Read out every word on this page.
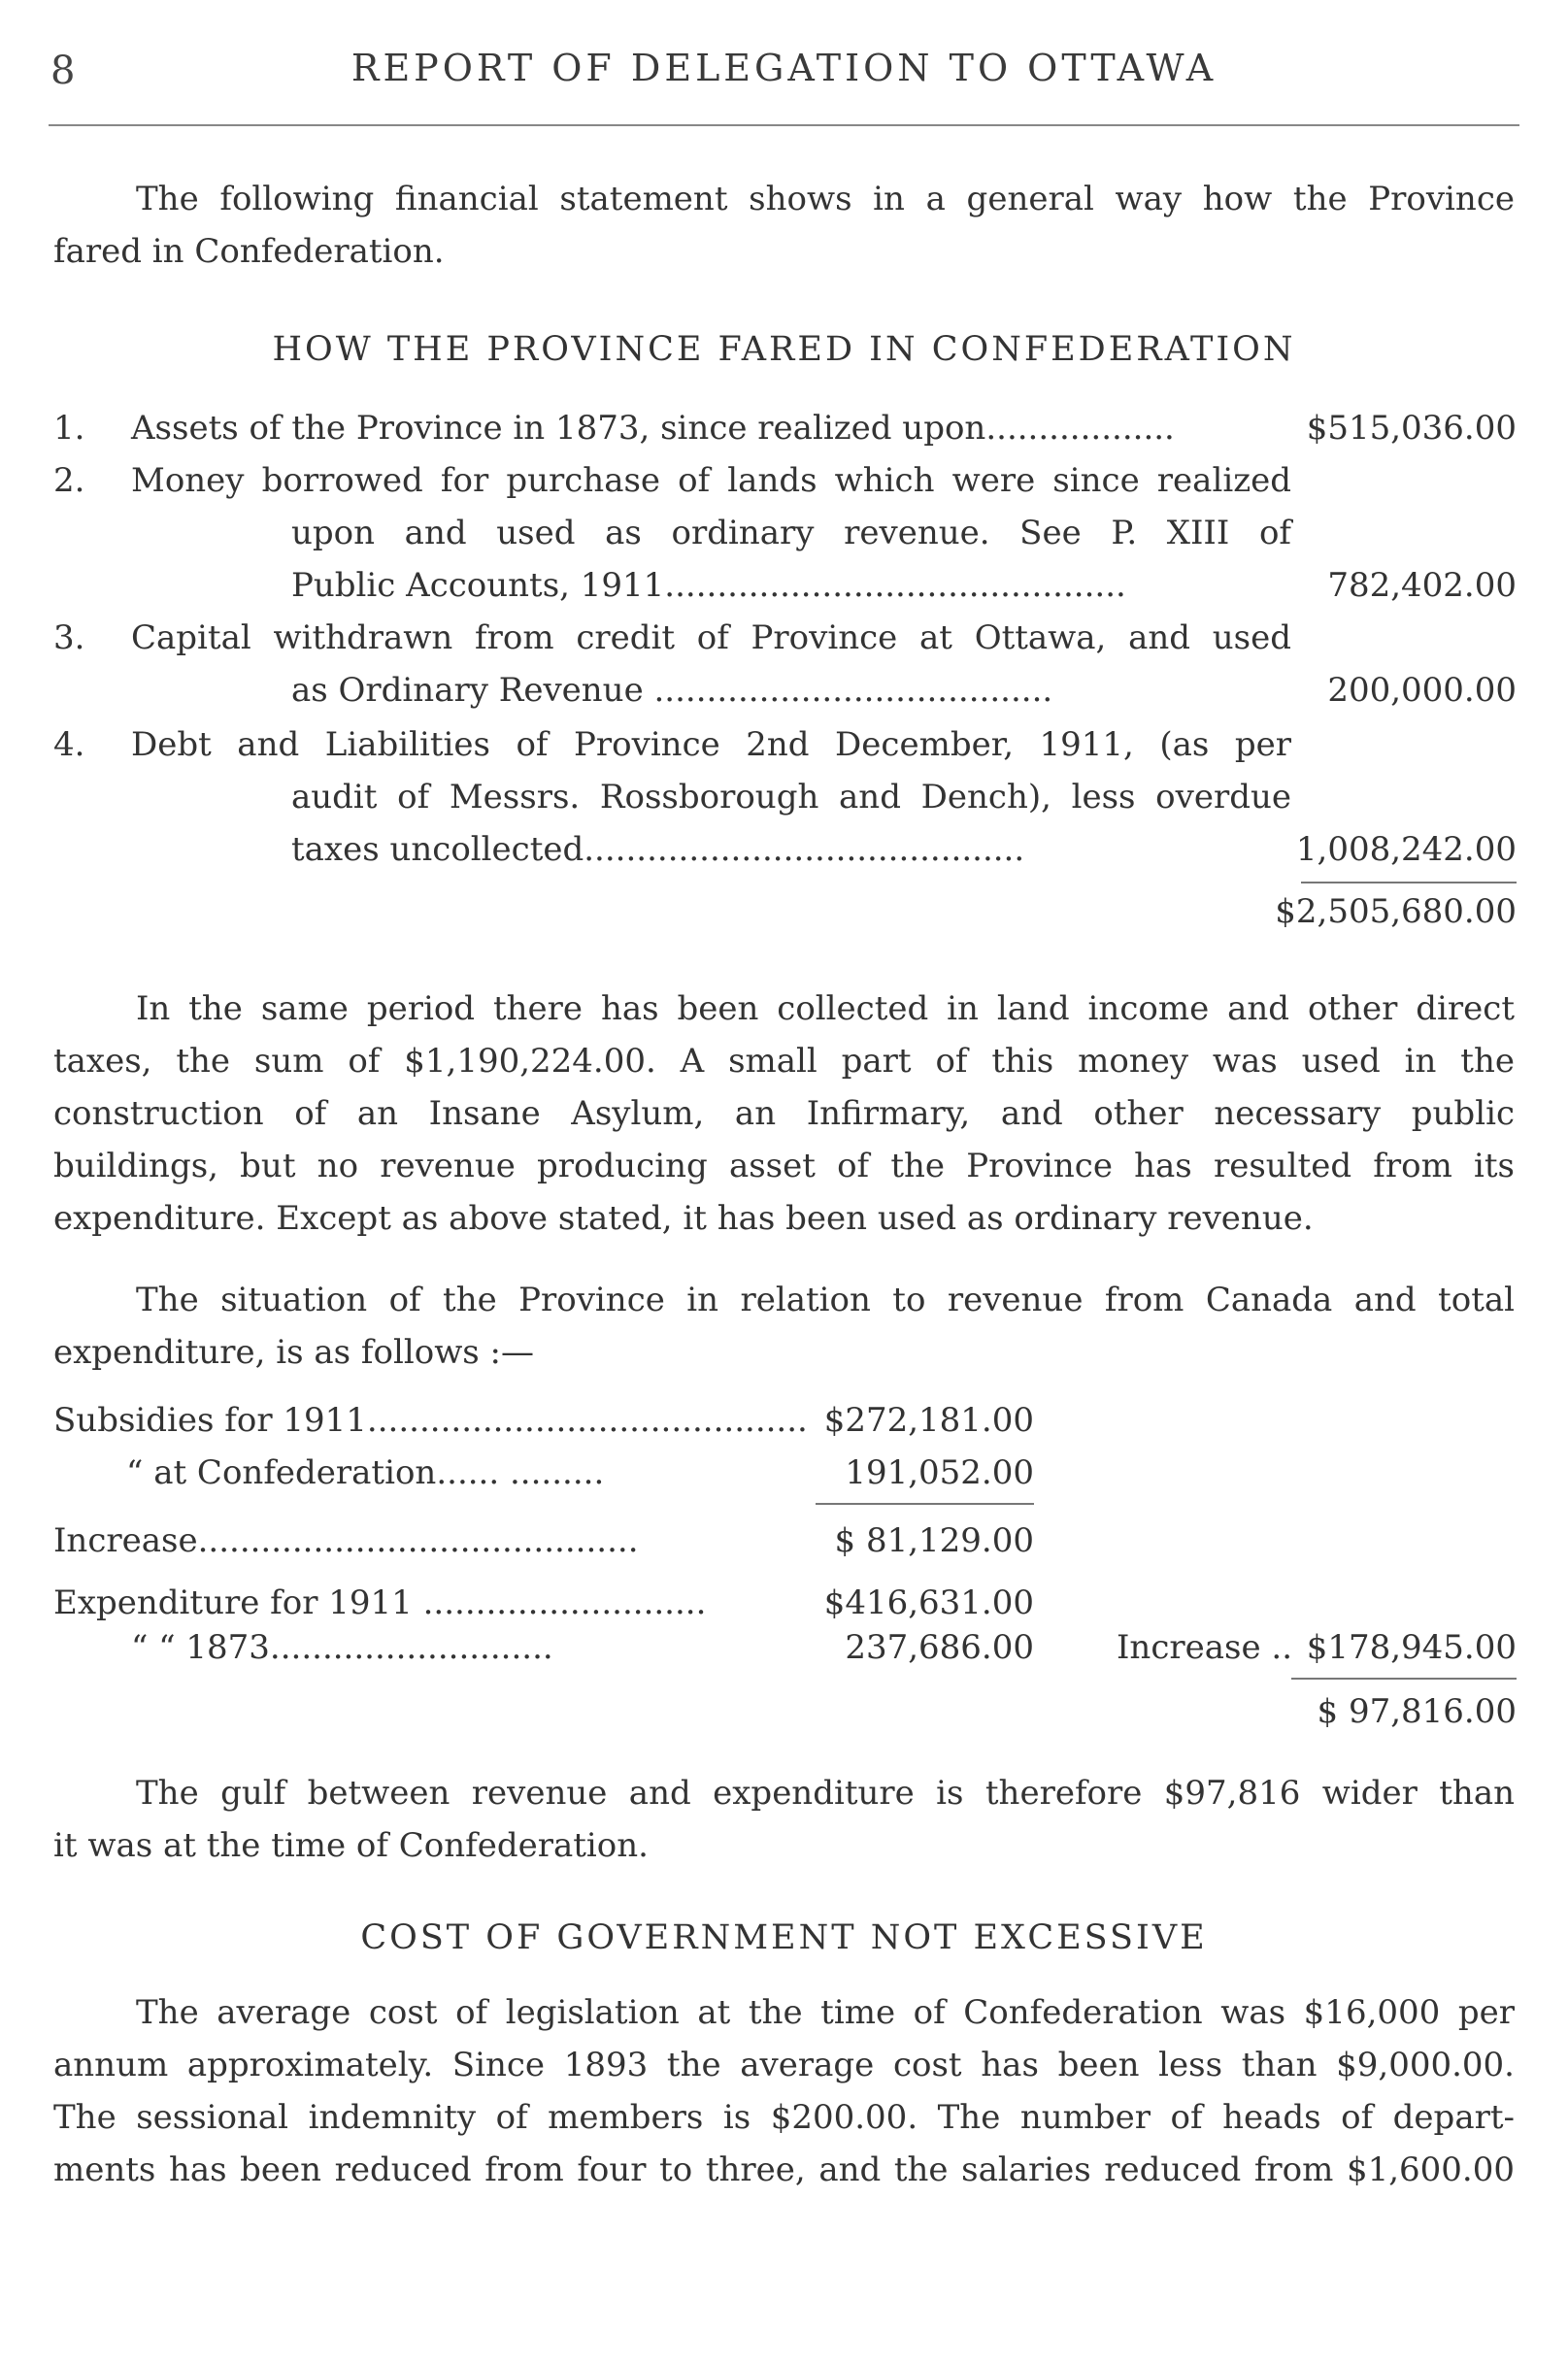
8	REPORT OF DELEGATION TO OTTAWA
The following financial statement shows in a general way how the Province
fared in Confederation.
HOW THE PROVINCE FARED IN CONFEDERATION
1. Assets of the Province in 1873, since realized upon..................	$515,036.00
2. Money borrowed for purchase of lands which were since realized
upon and used as ordinary revenue. See P. XIII of
Public Accounts, 1911............................................	782,402.00
3. Capital withdrawn from credit of Province at Ottawa, and used
as Ordinary Revenue ......................................	200,000.00
4. Debt and Liabilities of Province 2nd December, 1911, (as per
audit of Messrs. Rossborough and Dench), less overdue
taxes uncollected..........................................	1,008,242.00
$2,505,680.00
In the same period there has been collected in land income and other direct
taxes, the sum of $1,190,224.00. A small part of this money was used in the
construction of an Insane Asylum, an Infirmary, and other necessary public
buildings, but no revenue producing asset of the Province has resulted from its
expenditure. Except as above stated, it has been used as ordinary revenue.
The situation of the Province in relation to revenue from Canada and total
expenditure, is as follows :—
Subsidies for 1911.......................................... $272,181.00
“ at Confederation...... .........	191,052.00
Increase..........................................	$ 81,129.00
Expenditure for 1911 ...........................	$416,631.00
“ “ 1873...........................	237,686.00	Increase .. $178,945.00
$ 97,816.00
The gulf between revenue and expenditure is therefore $97,816 wider than
it was at the time of Confederation.
COST OF GOVERNMENT NOT EXCESSIVE
The average cost of legislation at the time of Confederation was $16,000 per
annum approximately. Since 1893 the average cost has been less than $9,000.00.
The sessional indemnity of members is $200.00. The number of heads of depart-
ments has been reduced from four to three, and the salaries reduced from $1,600.00
